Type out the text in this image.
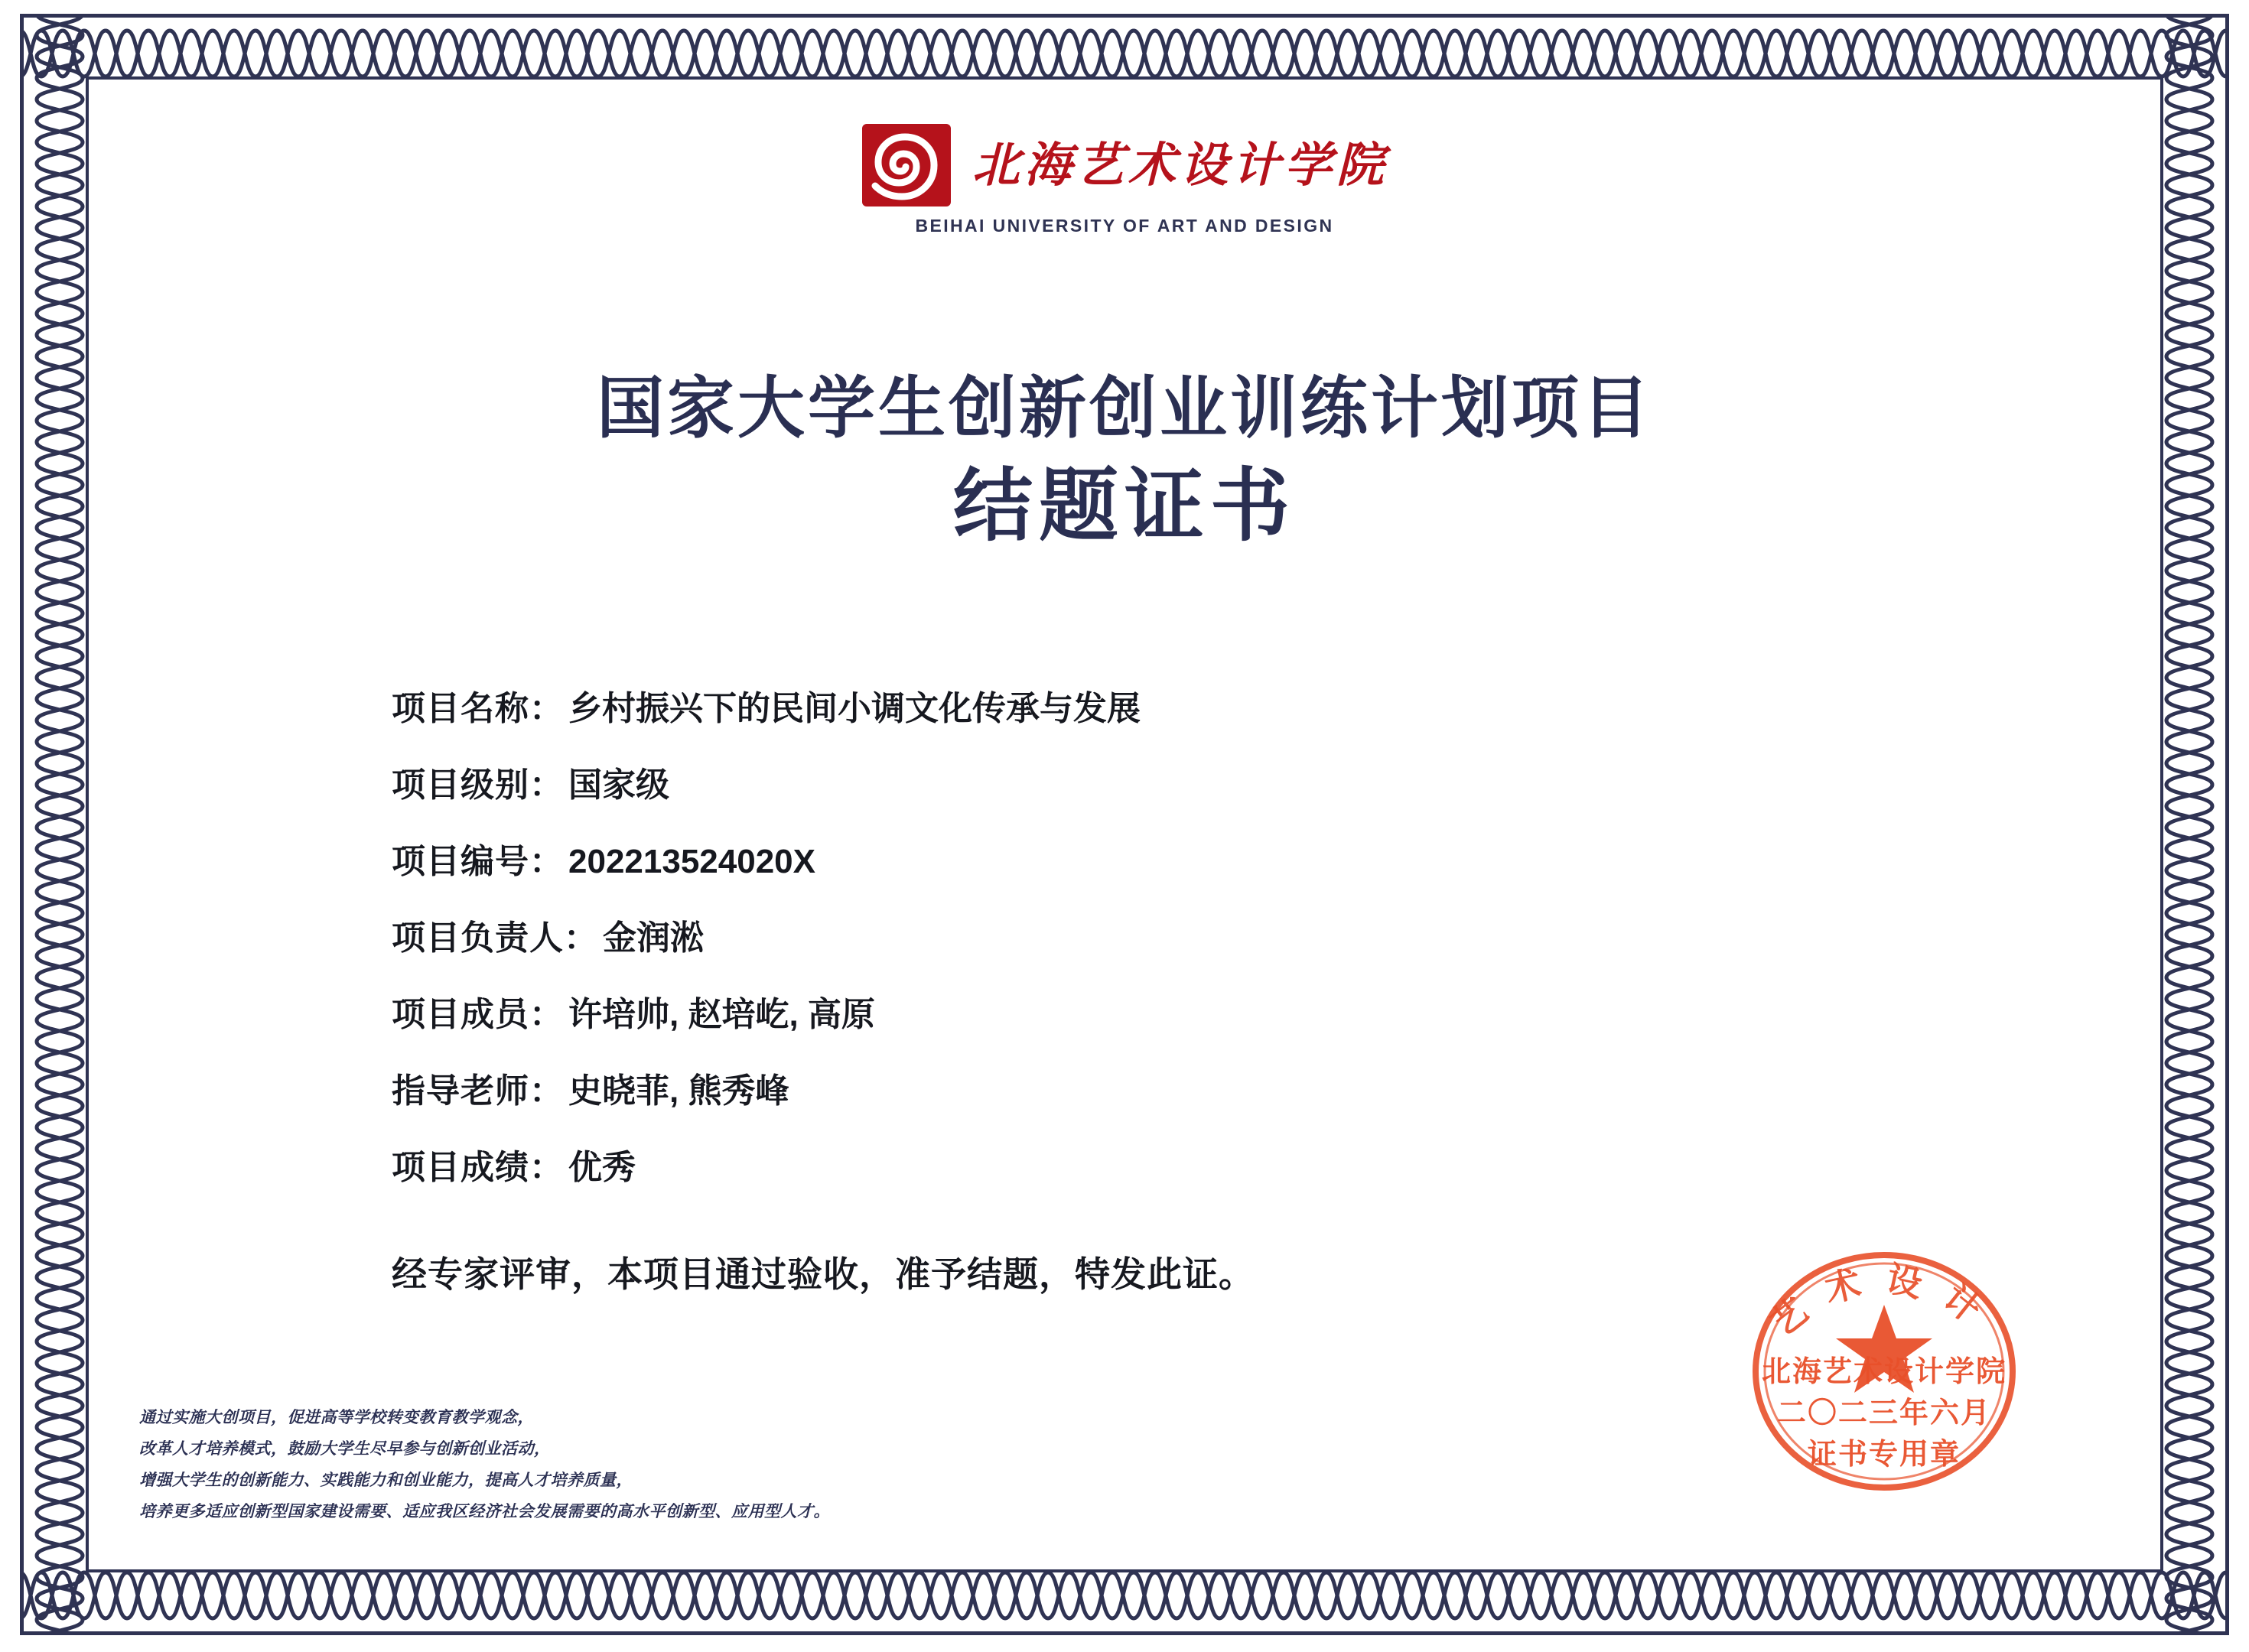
北海艺术设计学院
BEIHAI UNIVERSITY OF ART AND DESIGN
国家大学生创新创业训练计划项目
结题证书
项目名称： 乡村振兴下的民间小调文化传承与发展
项目级别： 国家级
项目编号： 202213524020X
项目负责人： 金润淞
项目成员： 许培帅, 赵培屹, 高原
指导老师： 史晓菲, 熊秀峰
项目成绩： 优秀
经专家评审，本项目通过验收，准予结题，特发此证。
通过实施大创项目，促进高等学校转变教育教学观念，
改革人才培养模式，鼓励大学生尽早参与创新创业活动，
增强大学生的创新能力、实践能力和创业能力，提高人才培养质量，
培养更多适应创新型国家建设需要、适应我区经济社会发展需要的高水平创新型、应用型人才。
艺术设计
北海艺术设计学院
二〇二三年六月
证书专用章
